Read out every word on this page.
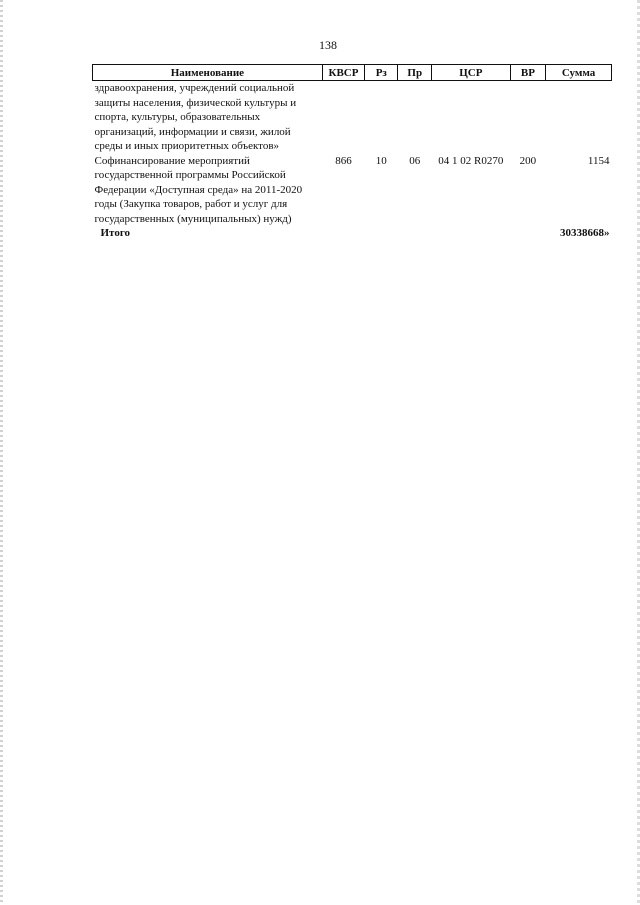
138
Наименование	КВСР	Рз	Пр	ЦСР	ВР	Сумма
здравоохранения, учреждений социальной защиты населения, физической культуры и спорта, культуры, образовательных организаций, информации и связи, жилой среды и иных приоритетных объектов»						
Софинансирование мероприятий государственной программы Российской Федерации «Доступная среда» на 2011-2020 годы (Закупка товаров, работ и услуг для государственных (муниципальных) нужд)	866	10	06	04 1 02 R0270	200	1154
Итого						30338668»
